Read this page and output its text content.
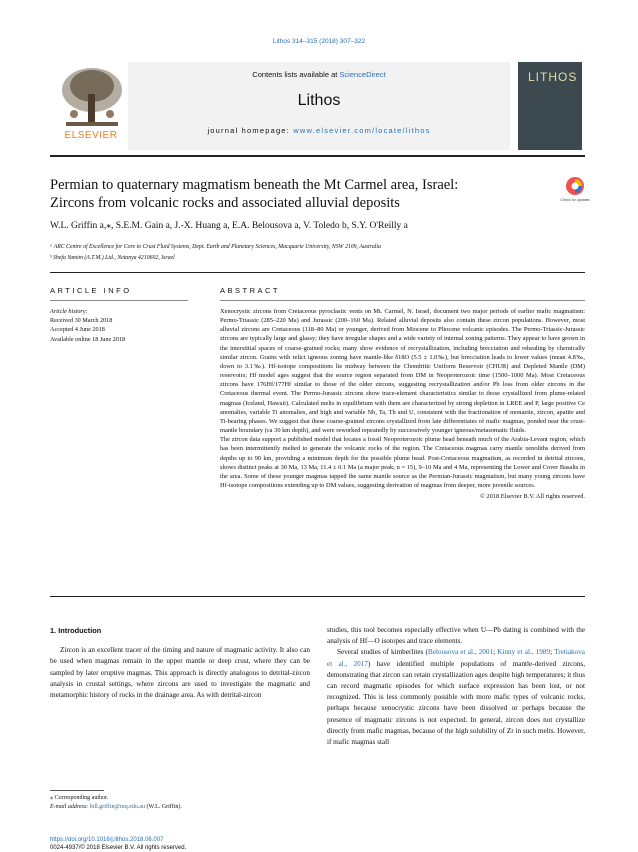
Lithos 314–315 (2018) 307–322
Contents lists available at ScienceDirect
Lithos
journal homepage: www.elsevier.com/locate/lithos
ELSEVIER
LITHOS
Permian to quaternary magmatism beneath the Mt Carmel area, Israel:
Zircons from volcanic rocks and associated alluvial deposits	Check for updates
W.L. Griffin a,⁎, S.E.M. Gain a, J.-X. Huang a, E.A. Belousova a, V. Toledo b, S.Y. O'Reilly a
ᵃ ARC Centre of Excellence for Core to Crust Fluid Systems, Dept. Earth and Planetary Sciences, Macquarie University, NSW 2109, Australia
ᵇ Shefa Yamim (A.T.M.) Ltd., Netanya 4210602, Israel
ARTICLE INFO
Article history:
Received 30 March 2018
Accepted 4 June 2018
Available online 18 June 2018
ABSTRACT

Xenocrystic zircons from Cretaceous pyroclastic vents on Mt. Carmel, N. Israel, document two major periods of earlier mafic magmatism: Permo-Triassic (285–220 Ma) and Jurassic (200–160 Ma). Related alluvial deposits also contain these zircon populations. However, most alluvial zircons are Cretaceous (118–80 Ma) or younger, derived from Miocene to Pliocene volcanic episodes. The Permo-Triassic-Jurassic zircons are typically large and glassy; they have irregular shapes and a wide variety of internal zoning patterns. They appear to have grown in the interstitial spaces of coarse-grained rocks; many show evidence of recrystallization, including brecciation and rehealing by chemically similar zircon. Grains with relict igneous zoning have mantle-like δ18O (5.5 ± 1.0‰), but brecciation leads to lower values (mean 4.8‰, down to 3.1‰). Hf-isotope compositions lie midway between the Chondritic Uniform Reservoir (CHUR) and Depleted Mantle (DM) reservoirs; Hf model ages suggest that the source region separated from DM in Neoproterozoic time (1500–1000 Ma). Most Cretaceous zircons have 176Hf/177Hf similar to those of the older zircons, suggesting recrystallization and/or Pb loss from older zircons in the Cretaceous thermal event. The Permo-Jurassic zircons show trace-element characteristics similar to those crystallized from plume-related magmas (Iceland, Hawaii). Calculated melts in equilibrium with them are characterized by strong depletion in LREE and P, large positive Ce anomalies, variable Ti anomalies, and high and variable Nb, Ta, Th and U, consistent with the fractionation of monazite, zircon, apatite and Ti-bearing phases. We suggest that these coarse-grained zircons crystallized from late differentiates of mafic magmas, ponded near the crust-mantle boundary (ca 30 km depth), and were reworked repeatedly by successively younger igneous/metasomatic fluids.

The zircon data support a published model that locates a fossil Neoproterozoic plume head beneath much of the Arabia-Levant region, which has been intermittently melted to generate the volcanic rocks of the region. The Cretaceous magmas carry mantle xenoliths derived from depths up to 90 km, providing a minimum depth for the possible plume head. Post-Cretaceous magmatism, as recorded in detrital zircons, shows distinct peaks at 30 Ma, 13 Ma, 11.4 ± 0.1 Ma (a major peak; n = 15), 9–10 Ma and 4 Ma, representing the Lower and Cover Basalts in the area. Some of these younger magmas tapped the same mantle source as the Permian-Jurassic magmatism, but many young zircons have Hf-isotope compositions extending up to DM values, suggesting derivation of magmas from deeper, more juvenile sources.

© 2018 Elsevier B.V. All rights reserved.

1. Introduction

Zircon is an excellent tracer of the timing and nature of magmatic activity. It also can be used when magmas remain in the upper mantle or deep crust, where they can be sampled by later eruptive magmas. This approach is directly analogous to detrital-zircon analysis in crustal settings, where zircons are used to investigate the magmatic and metamorphic history of rocks in the drainage area. As with detrital-zircon

studies, this tool becomes especially effective when U—Pb dating is combined with the analysis of Hf—O isotopes and trace elements.

Several studies of kimberlites (Belousova et al., 2001; Kinny et al., 1989; Tretiakova et al., 2017) have identified multiple populations of mantle-derived zircons, demonstrating that zircon can retain crystallization ages despite high temperatures; it thus can record magmatic episodes for which surface expression has been lost, or not recognized. This is less commonly possible with more mafic types of volcanic rocks, perhaps because xenocrystic zircons have been dissolved or perhaps because the presence of magmatic zircons is not expected. In general, zircon does not crystallize directly from mafic magmas, because of the high solubility of Zr in such melts. However, if mafic magmas stall

⁎ Corresponding author.
E-mail address: bill.griffin@mq.edu.au (W.L. Griffin).
https://doi.org/10.1016/j.lithos.2018.06.007
0024-4937/© 2018 Elsevier B.V. All rights reserved.
